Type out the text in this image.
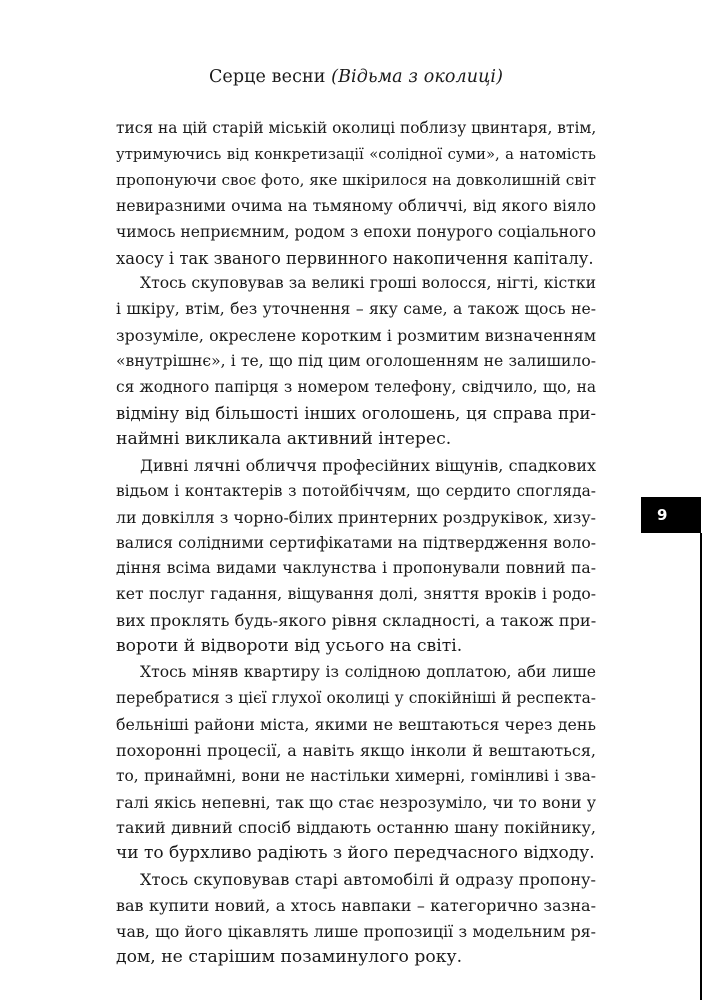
Серце весни (Відьма з околиці)

тися на цій старій міській околиці поблизу цвинтаря, втім,
утримуючись від конкретизації «солідної суми», а натомість
пропонуючи своє фото, яке шкірилося на довколишній світ
невиразними очима на тьмяному обличчі, від якого віяло
чимось неприємним, родом з епохи понурого соціального
хаосу і так званого первинного накопичення капіталу.

Хтось скуповував за великі гроші волосся, нігті, кістки
і шкіру, втім, без уточнення – яку саме, а також щось не-
зрозуміле, окреслене коротким і розмитим визначенням
«внутрішнє», і те, що під цим оголошенням не залишило-
ся жодного папірця з номером телефону, свідчило, що, на
відміну від більшості інших оголошень, ця справа при-
наймні викликала активний інтерес.

Дивні лячні обличчя професійних віщунів, спадкових
відьом і контактерів з потойбіччям, що сердито спогляда-
ли довкілля з чорно-білих принтерних роздруківок, хизу-
валися солідними сертифікатами на підтвердження воло-
діння всіма видами чаклунства і пропонували повний па-
кет послуг гадання, віщування долі, зняття вроків і родо-
вих проклять будь-якого рівня складності, а також при-
вороти й відвороти від усього на світі.

Хтось міняв квартиру із солідною доплатою, аби лише
перебратися з цієї глухої околиці у спокійніші й респекта-
бельніші райони міста, якими не вештаються через день
похоронні процесії, а навіть якщо інколи й вештаються,
то, принаймні, вони не настільки химерні, гомінливі і зва-
галі якісь непевні, так що стає незрозуміло, чи то вони у
такий дивний спосіб віддають останню шану покійнику,
чи то бурхливо радіють з його передчасного відходу.

Хтось скуповував старі автомобілі й одразу пропону-
вав купити новий, а хтось навпаки – категорично зазна-
чав, що його цікавлять лише пропозиції з модельним ря-
дом, не старішим позаминулого року.

9
